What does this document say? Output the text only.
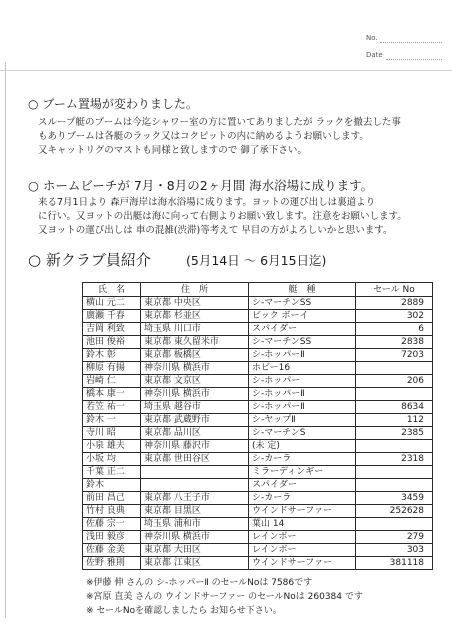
No.
Date
○ ブーム置場が変わりました。
スループ艇のブームは今迄シャワー室の方に置いてありましたが ラックを撤去した事
もありブームは各艇のラック又はコクピットの内に納めるようお願いします。
又キャットリグのマストも同様と致しますので 御了承下さい。
○ ホームビーチが 7月・8月の2ヶ月間 海水浴場に成ります。
来る7月1日より 森戸海岸は海水浴場に成ります。ヨットの運び出しは裏道より
に行い。又ヨットの出艇は海に向って右側よりお願い致します。注意をお願いします。
又ヨットの運び出しは 車の混雑(渋滞)等考えて 早目の方がよろしいかと思います。
○ 新クラブ員紹介	(5月14日 ～ 6月15日迄)
氏　名	住　所	艇　種	セール No
横山 元二	東京都 中央区	シ-マーチンSS	2889
廣瀬 千春	東京都 杉並区	ビック ボーイ	302
吉岡 利致	埼玉県 川口市	スパイダー	6
池田 俊裕	東京都 東久留米市	シ-マーチンSS	2838
鈴木 彰	東京都 板橋区	シ-ホッパーⅡ	7203
柳原 有揚	神奈川県 横浜市	ホビー16	
岩崎 仁	東京都 文京区	シ-ホッパー	206
橋本 康一	神奈川県 横浜市	シ-ホッパーⅡ	
若笠 祐一	埼玉県 越谷市	シ-ホッパーⅡ	8634
鈴木 一	東京都 武蔵野市	シ-ヤップⅡ	112
寺川 昭	東京都 品川区	シ-マーチンS	2385
小泉 雄夫	神奈川県 藤沢市	(未 定)	
小坂 均	東京都 世田谷区	シ-カーラ	2318
千葉 正二		ミラーディンギー	
鈴木		スパイダー	
前田 昌己	東京都 八王子市	シ-カーラ	3459
竹村 良典	東京都 目黒区	ウインドサーファー	252628
佐藤 宗一	埼玉県 浦和市	葉山 14	
浅田 毅彦	神奈川県 横浜市	レインボー	279
佐藤 金美	東京都 大田区	レインボー	303
佐野 雅則	東京都 江東区	ウインドサーファー	381118
※伊藤 伸 さんの シ-ホッパーⅡ のセールNoは 7586です
※宮原 直美 さんの ウインドサーファー のセールNoは 260384 です
※ セールNoを確認しましたら お知らせ下さい。
